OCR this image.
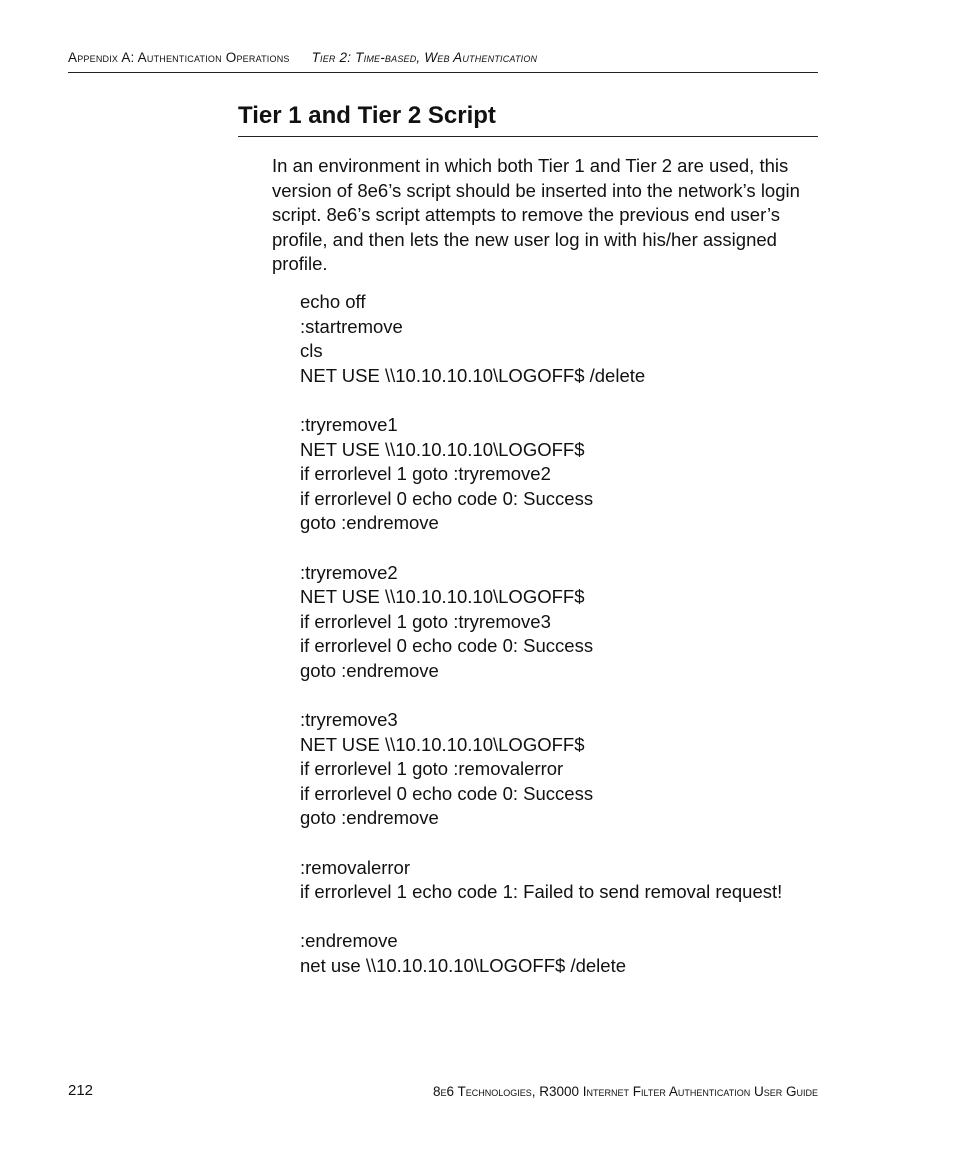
Appendix A: Authentication Operations Tier 2: Time-based, Web Authentication
Tier 1 and Tier 2 Script

In an environment in which both Tier 1 and Tier 2 are used, this version of 8e6’s script should be inserted into the network’s login script. 8e6’s script attempts to remove the previous end user’s profile, and then lets the new user log in with his/her assigned profile.

echo off
:startremove
cls
NET USE \\10.10.10.10\LOGOFF$ /delete
:tryremove1
NET USE \\10.10.10.10\LOGOFF$
if errorlevel 1 goto :tryremove2
if errorlevel 0 echo code 0: Success
goto :endremove
:tryremove2
NET USE \\10.10.10.10\LOGOFF$
if errorlevel 1 goto :tryremove3
if errorlevel 0 echo code 0: Success
goto :endremove
:tryremove3
NET USE \\10.10.10.10\LOGOFF$
if errorlevel 1 goto :removalerror
if errorlevel 0 echo code 0: Success
goto :endremove
:removalerror
if errorlevel 1 echo code 1: Failed to send removal request!
:endremove
net use \\10.10.10.10\LOGOFF$ /delete
212	8e6 Technologies, R3000 Internet Filter Authentication User Guide
